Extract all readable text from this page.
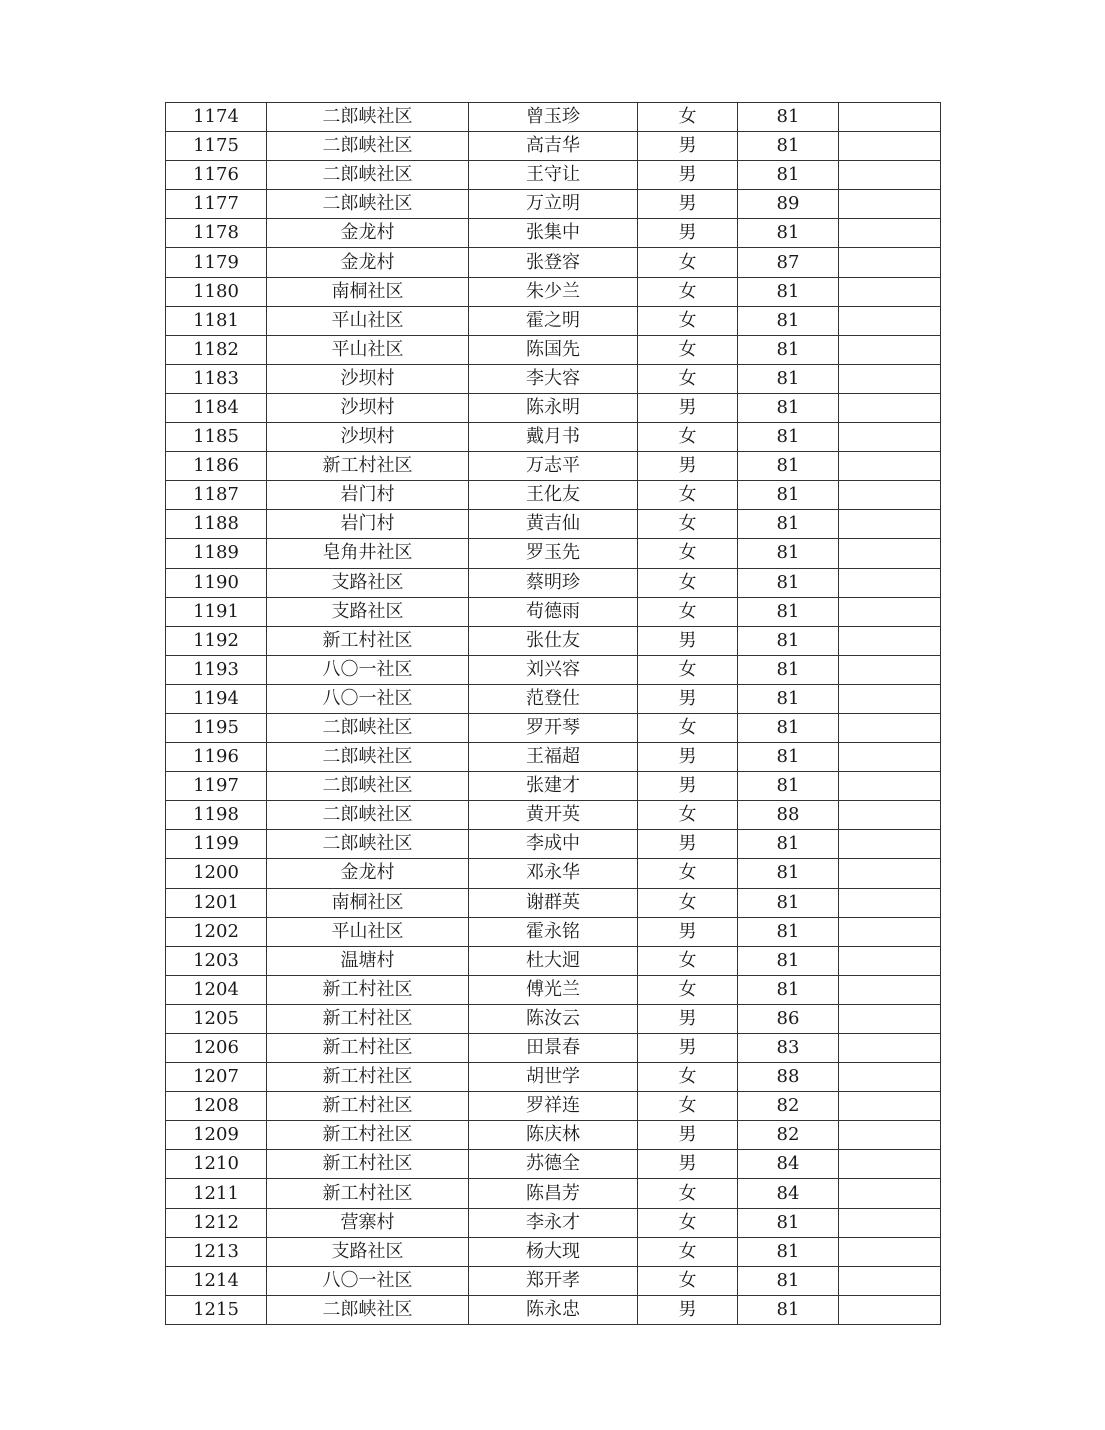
1174	二郎峡社区	曾玉珍	女	81	
1175	二郎峡社区	高吉华	男	81	
1176	二郎峡社区	王守让	男	81	
1177	二郎峡社区	万立明	男	89	
1178	金龙村	张集中	男	81	
1179	金龙村	张登容	女	87	
1180	南桐社区	朱少兰	女	81	
1181	平山社区	霍之明	女	81	
1182	平山社区	陈国先	女	81	
1183	沙坝村	李大容	女	81	
1184	沙坝村	陈永明	男	81	
1185	沙坝村	戴月书	女	81	
1186	新工村社区	万志平	男	81	
1187	岩门村	王化友	女	81	
1188	岩门村	黄吉仙	女	81	
1189	皂角井社区	罗玉先	女	81	
1190	支路社区	蔡明珍	女	81	
1191	支路社区	苟德雨	女	81	
1192	新工村社区	张仕友	男	81	
1193	八〇一社区	刘兴容	女	81	
1194	八〇一社区	范登仕	男	81	
1195	二郎峡社区	罗开琴	女	81	
1196	二郎峡社区	王福超	男	81	
1197	二郎峡社区	张建才	男	81	
1198	二郎峡社区	黄开英	女	88	
1199	二郎峡社区	李成中	男	81	
1200	金龙村	邓永华	女	81	
1201	南桐社区	谢群英	女	81	
1202	平山社区	霍永铭	男	81	
1203	温塘村	杜大迥	女	81	
1204	新工村社区	傅光兰	女	81	
1205	新工村社区	陈汝云	男	86	
1206	新工村社区	田景春	男	83	
1207	新工村社区	胡世学	女	88	
1208	新工村社区	罗祥连	女	82	
1209	新工村社区	陈庆林	男	82	
1210	新工村社区	苏德全	男	84	
1211	新工村社区	陈昌芳	女	84	
1212	营寨村	李永才	女	81	
1213	支路社区	杨大现	女	81	
1214	八〇一社区	郑开孝	女	81	
1215	二郎峡社区	陈永忠	男	81	
